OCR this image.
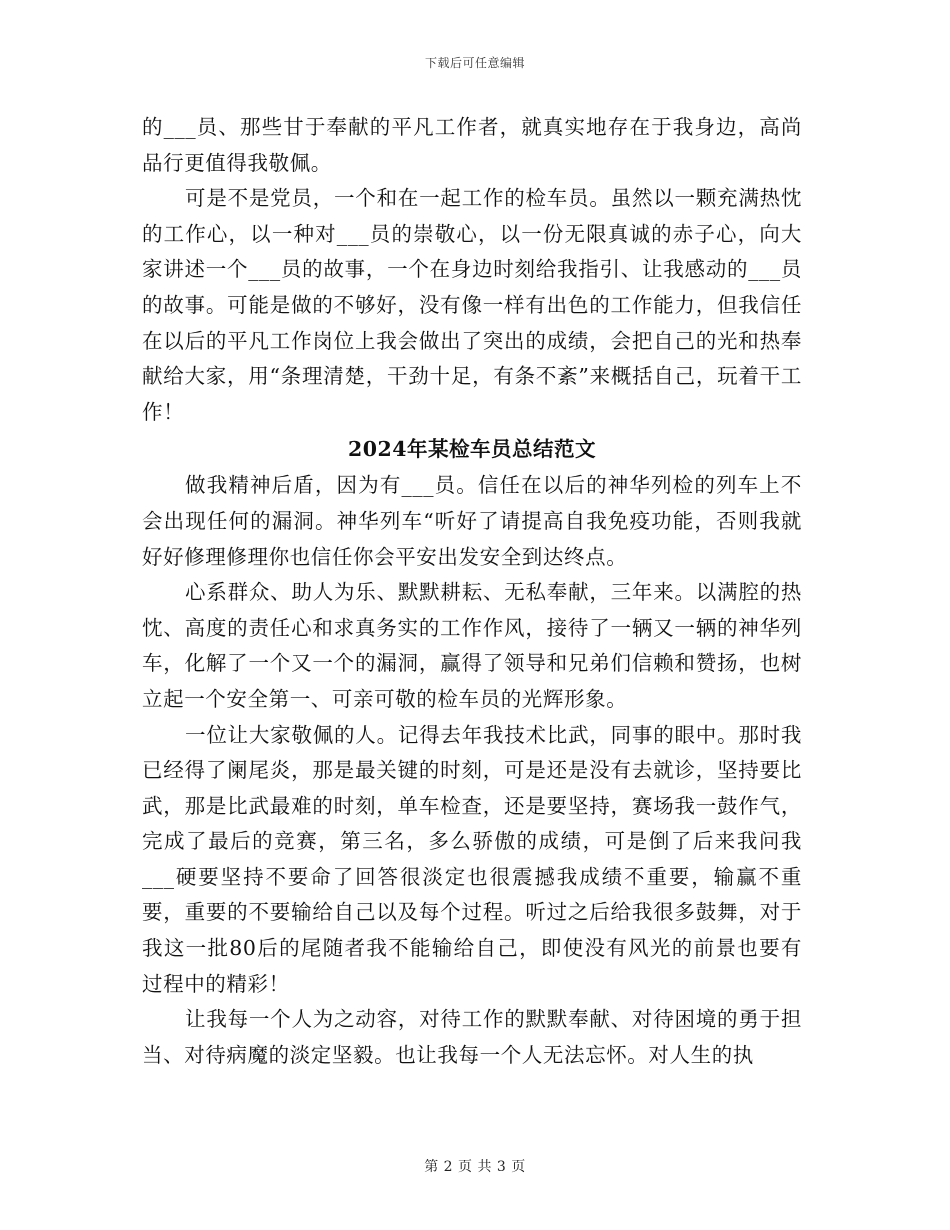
下载后可任意编辑

的___员、那些甘于奉献的平凡工作者，就真实地存在于我身边，高尚品行更值得我敬佩。

可是不是党员，一个和在一起工作的检车员。虽然以一颗充满热忱的工作心，以一种对___员的崇敬心，以一份无限真诚的赤子心，向大家讲述一个___员的故事，一个在身边时刻给我指引、让我感动的___员的故事。可能是做的不够好，没有像一样有出色的工作能力，但我信任在以后的平凡工作岗位上我会做出了突出的成绩，会把自己的光和热奉献给大家，用“条理清楚，干劲十足，有条不紊”来概括自己，玩着干工作！

2024年某检车员总结范文

做我精神后盾，因为有___员。信任在以后的神华列检的列车上不会出现任何的漏洞。神华列车“听好了请提高自我免疫功能，否则我就好好修理修理你也信任你会平安出发安全到达终点。

心系群众、助人为乐、默默耕耘、无私奉献，三年来。以满腔的热忱、高度的责任心和求真务实的工作作风，接待了一辆又一辆的神华列车，化解了一个又一个的漏洞，赢得了领导和兄弟们信赖和赞扬，也树立起一个安全第一、可亲可敬的检车员的光辉形象。

一位让大家敬佩的人。记得去年我技术比武，同事的眼中。那时我已经得了阑尾炎，那是最关键的时刻，可是还是没有去就诊，坚持要比武，那是比武最难的时刻，单车检查，还是要坚持，赛场我一鼓作气，完成了最后的竞赛，第三名，多么骄傲的成绩，可是倒了后来我问我___硬要坚持不要命了回答很淡定也很震撼我成绩不重要，输赢不重要，重要的不要输给自己以及每个过程。听过之后给我很多鼓舞，对于我这一批80后的尾随者我不能输给自己，即使没有风光的前景也要有过程中的精彩！

让我每一个人为之动容，对待工作的默默奉献、对待困境的勇于担当、对待病魔的淡定坚毅。也让我每一个人无法忘怀。对人生的执

第 2 页 共 3 页
